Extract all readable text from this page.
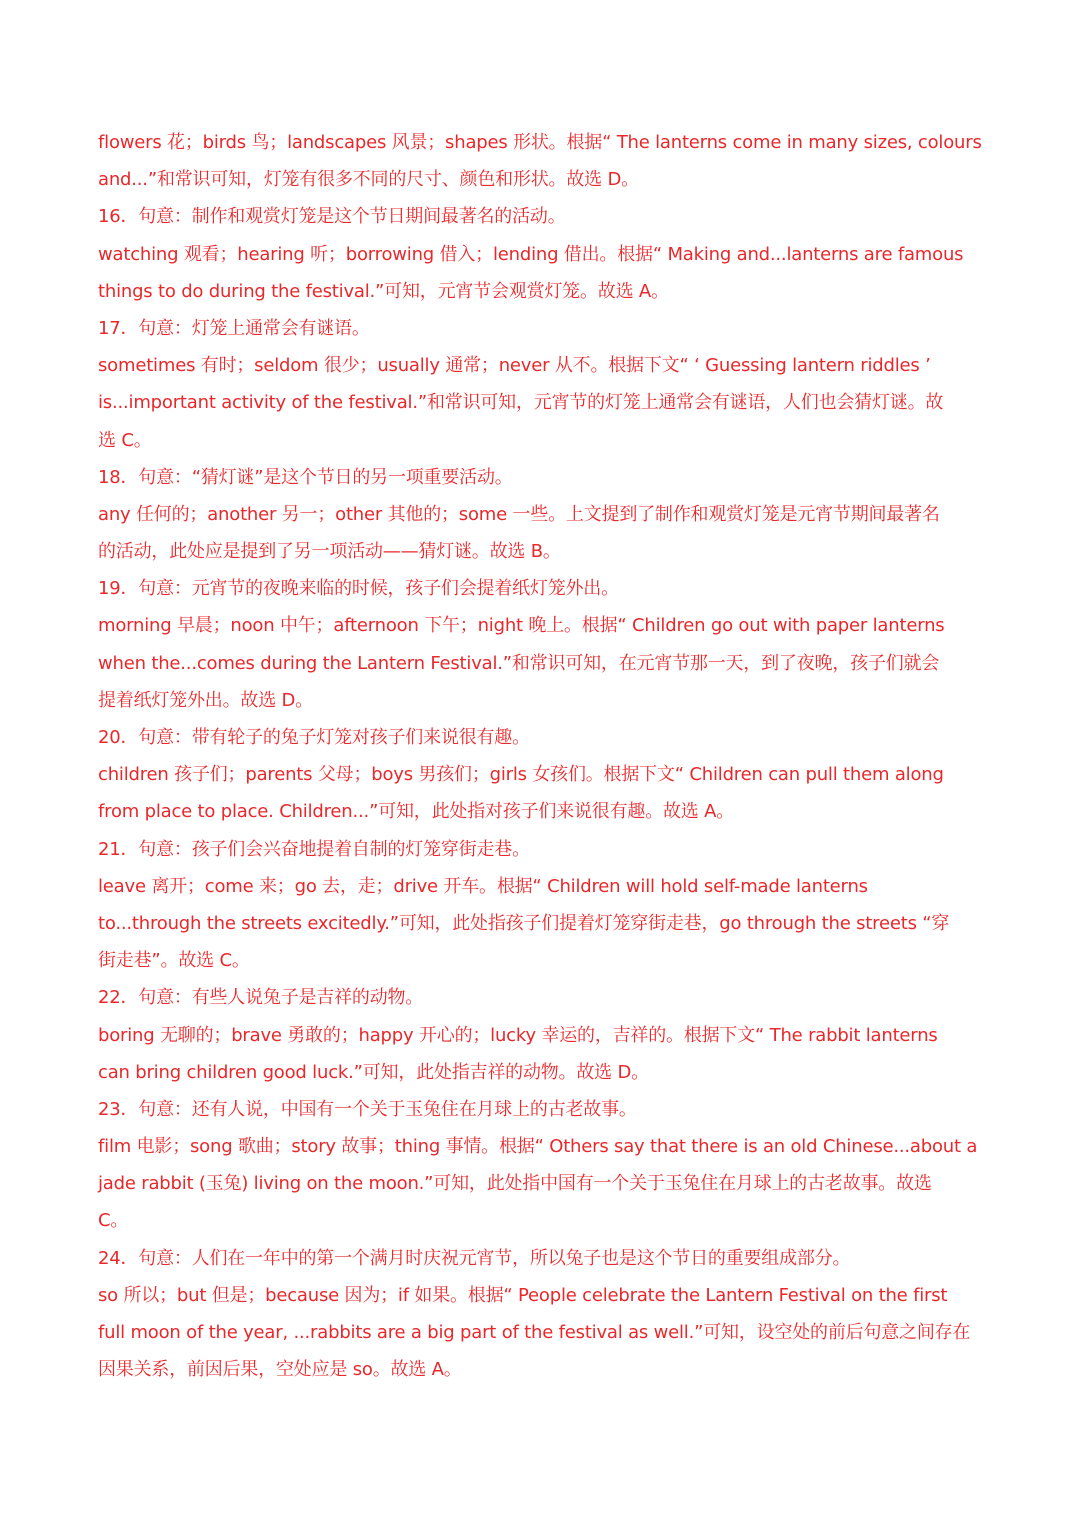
flowers 花；birds 鸟；landscapes 风景；shapes 形状。根据“ The lanterns come in many sizes, colours
and...”和常识可知，灯笼有很多不同的尺寸、颜色和形状。故选 D。
16．句意：制作和观赏灯笼是这个节日期间最著名的活动。
watching 观看；hearing 听；borrowing 借入；lending 借出。根据“ Making and...lanterns are famous
things to do during the festival.”可知，元宵节会观赏灯笼。故选 A。
17．句意：灯笼上通常会有谜语。
sometimes 有时；seldom 很少；usually 通常；never 从不。根据下文“ ‘ Guessing lantern riddles ’
is...important activity of the festival.”和常识可知，元宵节的灯笼上通常会有谜语，人们也会猜灯谜。故
选 C。
18．句意：“猜灯谜”是这个节日的另一项重要活动。
any 任何的；another 另一；other 其他的；some 一些。上文提到了制作和观赏灯笼是元宵节期间最著名
的活动，此处应是提到了另一项活动——猜灯谜。故选 B。
19．句意：元宵节的夜晚来临的时候，孩子们会提着纸灯笼外出。
morning 早晨；noon 中午；afternoon 下午；night 晚上。根据“ Children go out with paper lanterns
when the...comes during the Lantern Festival.”和常识可知，在元宵节那一天，到了夜晚，孩子们就会
提着纸灯笼外出。故选 D。
20．句意：带有轮子的兔子灯笼对孩子们来说很有趣。
children 孩子们；parents 父母；boys 男孩们；girls 女孩们。根据下文“ Children can pull them along
from place to place. Children...”可知，此处指对孩子们来说很有趣。故选 A。
21．句意：孩子们会兴奋地提着自制的灯笼穿街走巷。
leave 离开；come 来；go 去，走；drive 开车。根据“ Children will hold self-made lanterns
to...through the streets excitedly.”可知，此处指孩子们提着灯笼穿街走巷，go through the streets “穿
街走巷”。故选 C。
22．句意：有些人说兔子是吉祥的动物。
boring 无聊的；brave 勇敢的；happy 开心的；lucky 幸运的，吉祥的。根据下文“ The rabbit lanterns
can bring children good luck.”可知，此处指吉祥的动物。故选 D。
23．句意：还有人说，中国有一个关于玉兔住在月球上的古老故事。
film 电影；song 歌曲；story 故事；thing 事情。根据“ Others say that there is an old Chinese...about a
jade rabbit (玉兔) living on the moon.”可知，此处指中国有一个关于玉兔住在月球上的古老故事。故选
C。
24．句意：人们在一年中的第一个满月时庆祝元宵节，所以兔子也是这个节日的重要组成部分。
so 所以；but 但是；because 因为；if 如果。根据“ People celebrate the Lantern Festival on the first
full moon of the year, ...rabbits are a big part of the festival as well.”可知，设空处的前后句意之间存在
因果关系，前因后果，空处应是 so。故选 A。
